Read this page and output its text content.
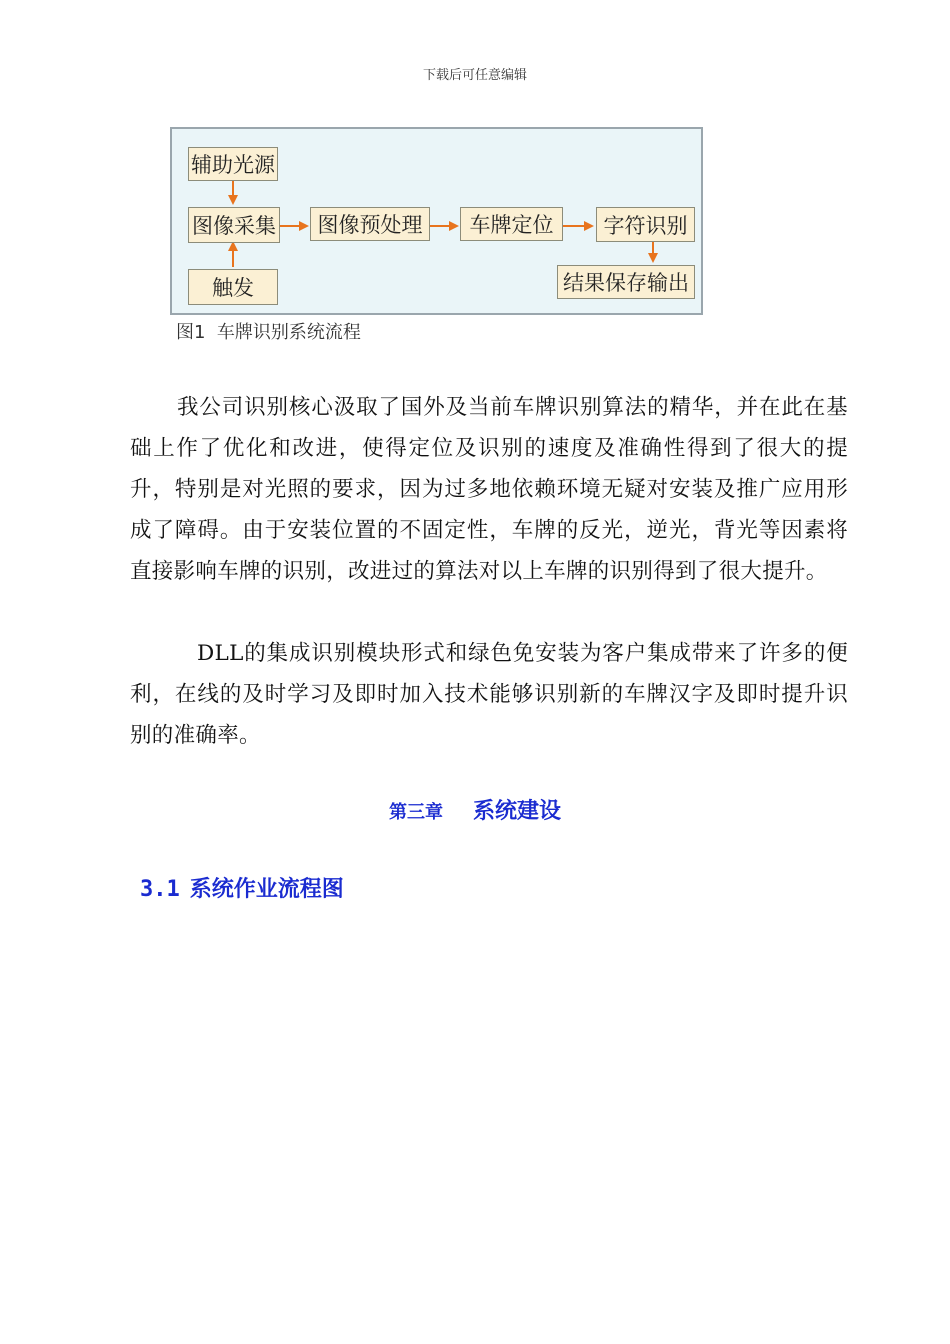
下载后可任意编辑
辅助光源
图像采集
触发
图像预处理	车牌定位	字符识别
结果保存输出
图1  车牌识别系统流程

我公司识别核心汲取了国外及当前车牌识别算法的精华，并在此在基础上作了优化和改进，使得定位及识别的速度及准确性得到了很大的提升，特别是对光照的要求，因为过多地依赖环境无疑对安装及推广应用形成了障碍。由于安装位置的不固定性，车牌的反光，逆光，背光等因素将直接影响车牌的识别，改进过的算法对以上车牌的识别得到了很大提升。

DLL的集成识别模块形式和绿色免安装为客户集成带来了许多的便利，在线的及时学习及即时加入技术能够识别新的车牌汉字及即时提升识别的准确率。

第三章 系统建设
3.1 系统作业流程图
